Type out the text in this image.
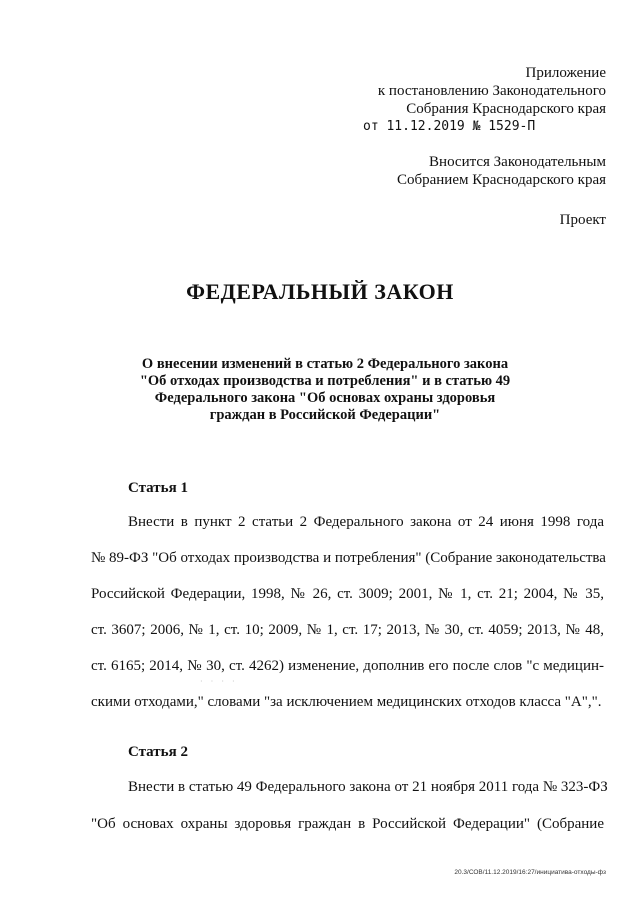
Приложение
к постановлению Законодательного
Собрания Краснодарского края
от 11.12.2019 № 1529-П
Вносится Законодательным
Собранием Краснодарского края
Проект
ФЕДЕРАЛЬНЫЙ ЗАКОН
О внесении изменений в статью 2 Федерального закона
"Об отходах производства и потребления" и в статью 49
Федерального закона "Об основах охраны здоровья
граждан в Российской Федерации"
Статья 1
Внести в пункт 2 статьи 2 Федерального закона от 24 июня 1998 года
№ 89-ФЗ "Об отходах производства и потребления" (Собрание законодательства
Российской Федерации, 1998, № 26, ст. 3009; 2001, № 1, ст. 21; 2004, № 35,
ст. 3607; 2006, № 1, ст. 10; 2009, № 1, ст. 17; 2013, № 30, ст. 4059; 2013, № 48,
ст. 6165; 2014, № 30, ст. 4262) изменение, дополнив его после слов "с медицин-
скими отходами," словами "за исключением медицинских отходов класса "А",".
· · · ·
Статья 2
Внести в статью 49 Федерального закона от 21 ноября 2011 года № 323-ФЗ
"Об основах охраны здоровья граждан в Российской Федерации" (Собрание
20.3/СОВ/11.12.2019/16:27/инициатива-отходы-фз
